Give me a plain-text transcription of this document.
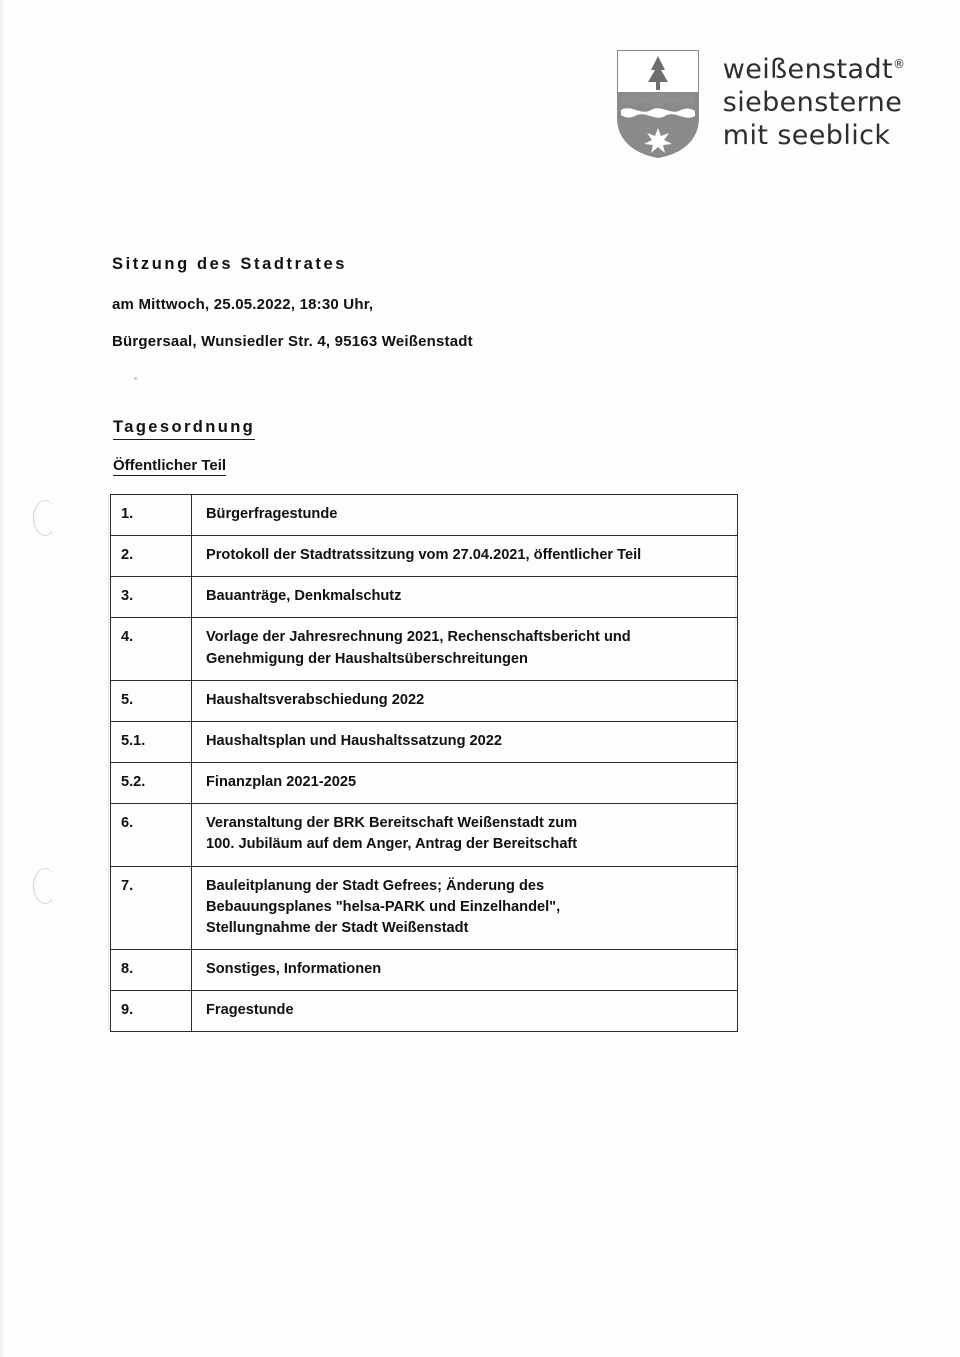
weißenstadt®
siebensterne
mit seeblick
Sitzung des Stadtrates
am Mittwoch, 25.05.2022, 18:30 Uhr,
Bürgersaal, Wunsiedler Str. 4, 95163 Weißenstadt
Tagesordnung
Öffentlicher Teil
1.	Bürgerfragestunde

2.	Protokoll der Stadtratssitzung vom 27.04.2021, öffentlicher Teil

3.	Bauanträge, Denkmalschutz

4.	Vorlage der Jahresrechnung 2021, Rechenschaftsbericht und
Genehmigung der Haushaltsüberschreitungen

5.	Haushaltsverabschiedung 2022

5.1.	Haushaltsplan und Haushaltssatzung 2022

5.2.	Finanzplan 2021-2025

6.	Veranstaltung der BRK Bereitschaft Weißenstadt zum
100. Jubiläum auf dem Anger, Antrag der Bereitschaft

7.	Bauleitplanung der Stadt Gefrees; Änderung des
Bebauungsplanes "helsa-PARK und Einzelhandel",
Stellungnahme der Stadt Weißenstadt

8.	Sonstiges, Informationen

9.	Fragestunde
